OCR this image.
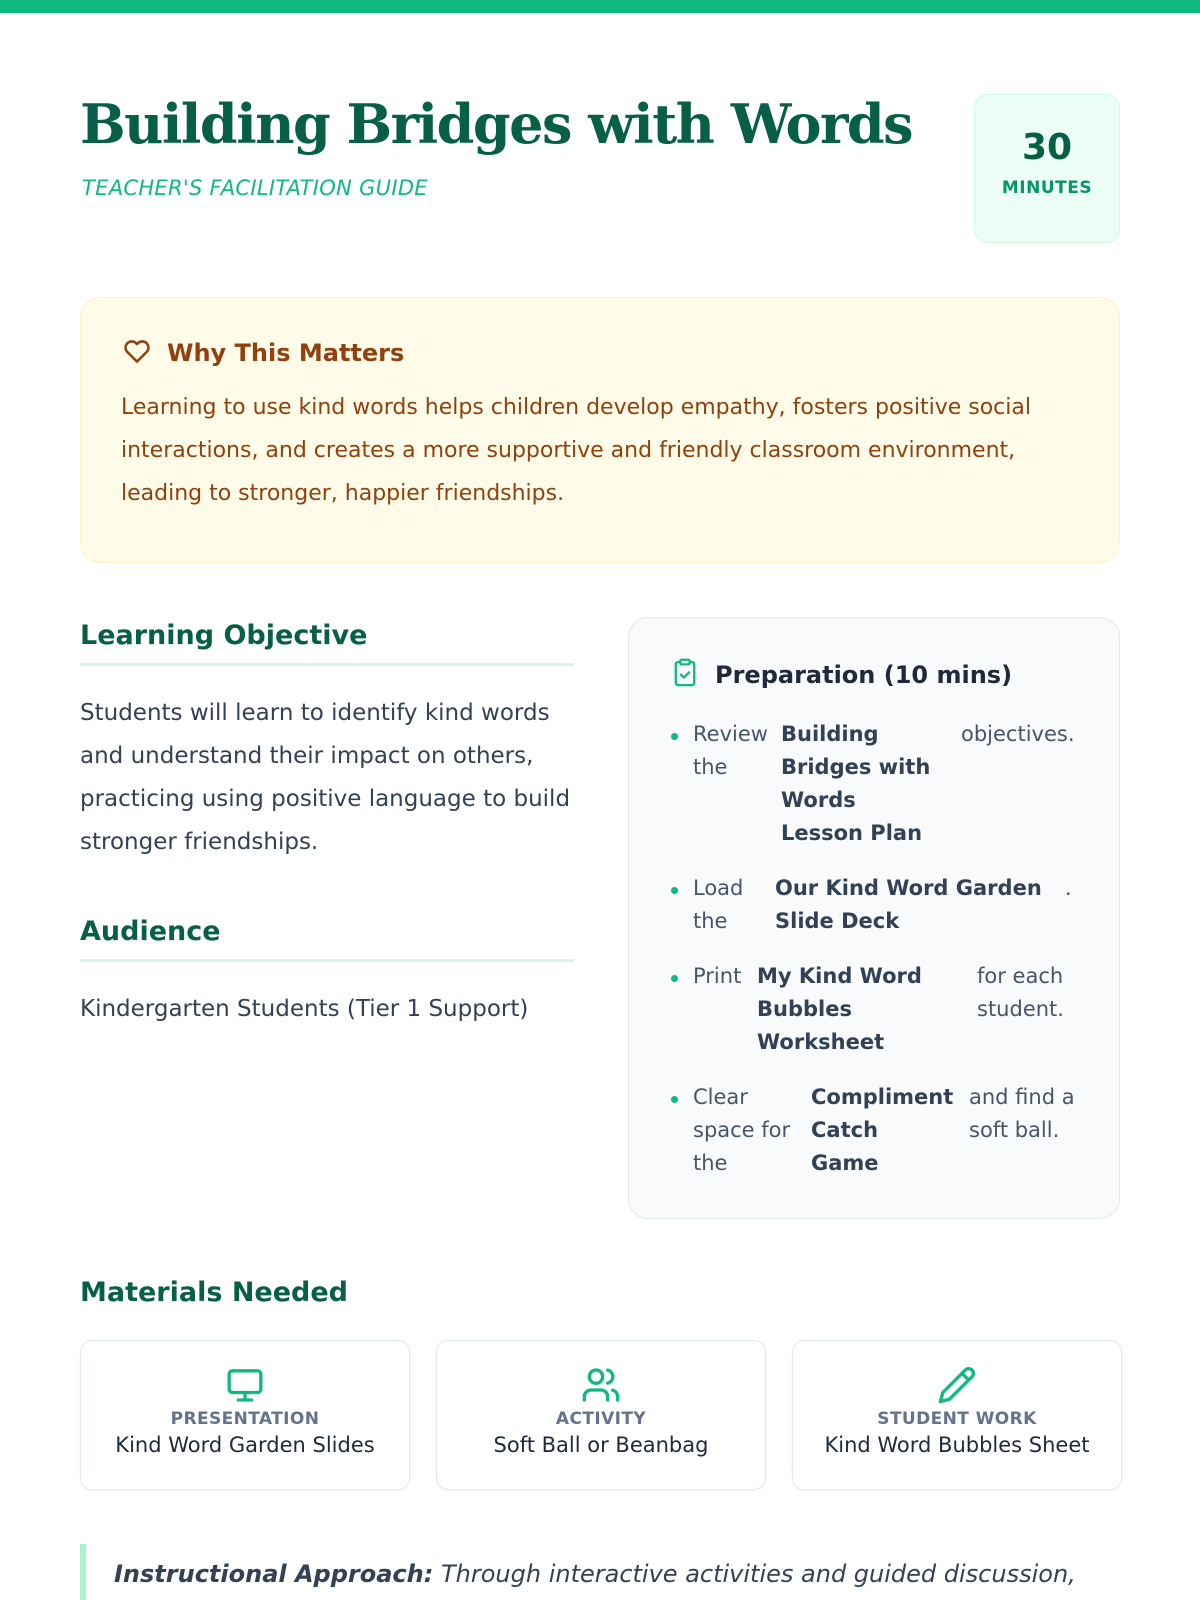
Building Bridges with Words
TEACHER'S FACILITATION GUIDE
30
MINUTES
Why This Matters

Learning to use kind words helps children develop empathy, fosters positive social interactions, and creates a more supportive and friendly classroom environment, leading to stronger, happier friendships.

Learning Objective

Students will learn to identify kind words and understand their impact on others, practicing using positive language to build stronger friendships.

Audience

Kindergarten Students (Tier 1 Support)

Preparation (10 mins)
Review the
Building Bridges with Words Lesson Plan
objectives.
Load the
Our Kind Word Garden Slide Deck
.
Print My Kind Word Bubbles Worksheet
for each student.
Clear space for the
Compliment Catch Game
and find a soft ball.
Materials Needed
PRESENTATION
Kind Word Garden Slides
ACTIVITY
Soft Ball or Beanbag
STUDENT WORK
Kind Word Bubbles Sheet
Instructional Approach: Through interactive activities and guided discussion,
